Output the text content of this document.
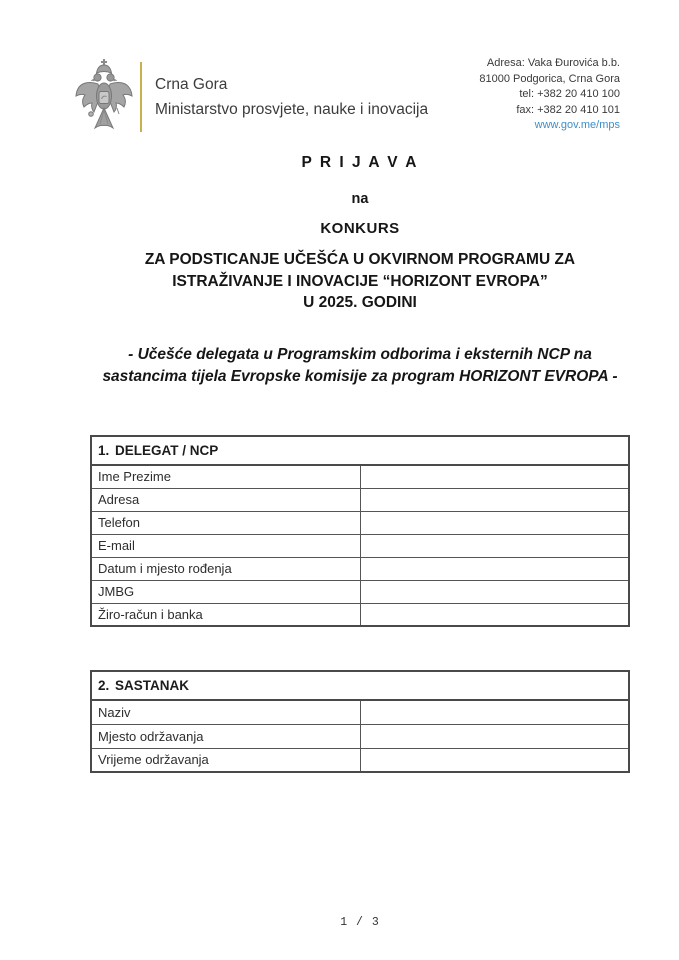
Crna Gora
Ministarstvo prosvjete, nauke i inovacija
Adresa: Vaka Đurovića b.b.
81000 Podgorica, Crna Gora
tel: +382 20 410 100
fax: +382 20 410 101
www.gov.me/mps
P R I J A V A
na
KONKURS
ZA PODSTICANJE UČEŠĆA U OKVIRNOM PROGRAMU ZA
ISTRAŽIVANJE I INOVACIJE “HORIZONT EVROPA”
U 2025. GODINI
- Učešće delegata u Programskim odborima i eksternih NCP na
sastancima tijela Evropske komisije za program HORIZONT EVROPA -
1. DELEGAT / NCP	
Ime Prezime	
Adresa	
Telefon	
E-mail	
Datum i mjesto rođenja	
JMBG	
Žiro-račun i banka	
2. SASTANAK	
Naziv	
Mjesto održavanja	
Vrijeme održavanja	
1 / 3
